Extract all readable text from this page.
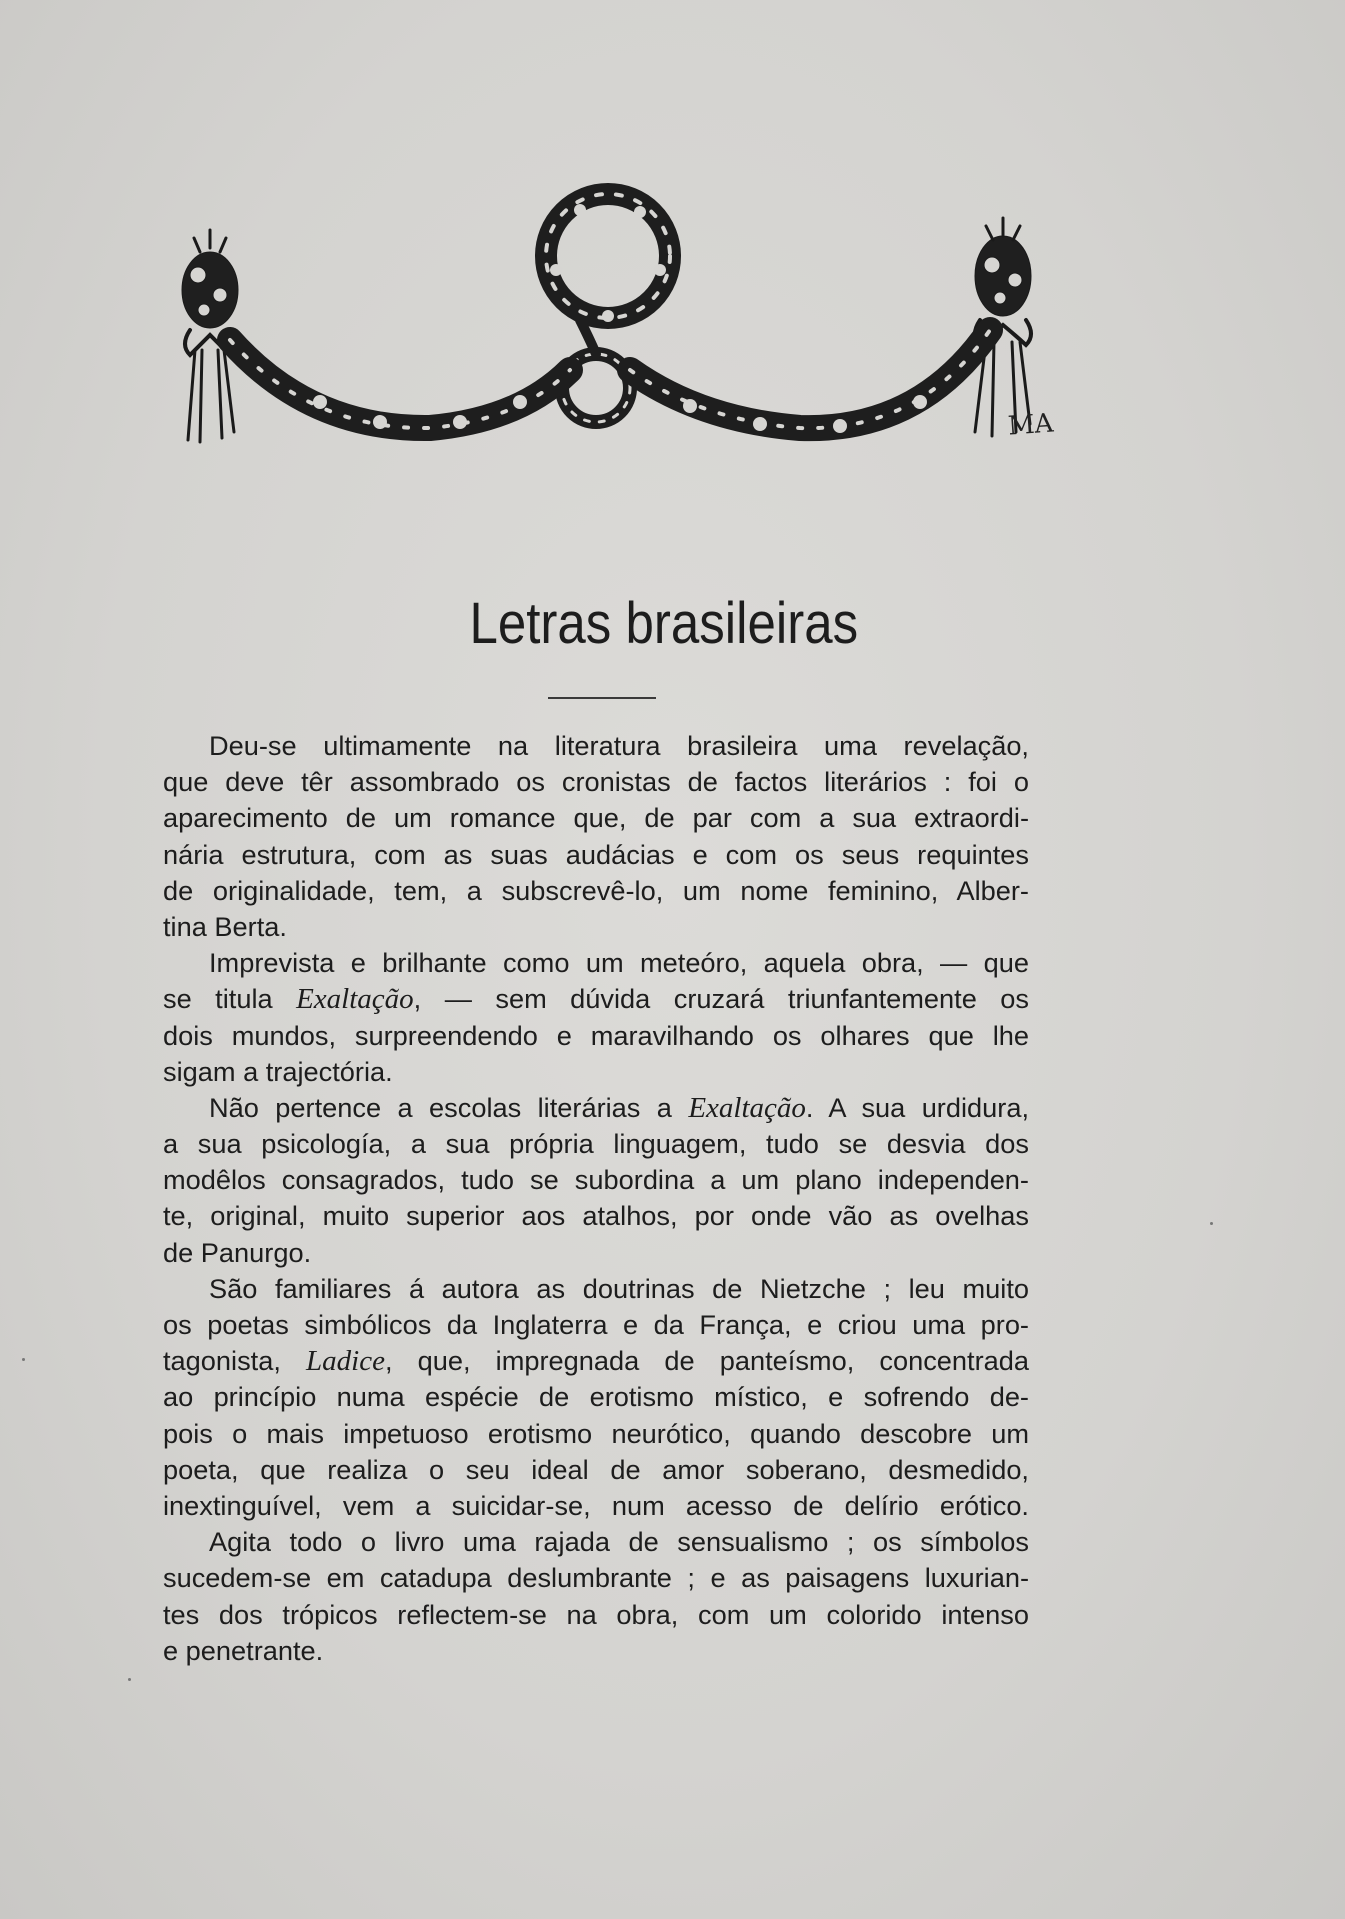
MA
Letras brasileiras
Deu-se ultimamente na literatura brasileira uma revelação,
que deve têr assombrado os cronistas de factos literários : foi o
aparecimento de um romance que, de par com a sua extraordi-
nária estrutura, com as suas audácias e com os seus requintes
de originalidade, tem, a subscrevê-lo, um nome feminino, Alber-
tina Berta.
Imprevista e brilhante como um meteóro, aquela obra, — que
se titula Exaltação, — sem dúvida cruzará triunfantemente os
dois mundos, surpreendendo e maravilhando os olhares que lhe
sigam a trajectória.
Não pertence a escolas literárias a Exaltação. A sua urdidura,
a sua psicología, a sua própria linguagem, tudo se desvia dos
modêlos consagrados, tudo se subordina a um plano independen-
te, original, muito superior aos atalhos, por onde vão as ovelhas
de Panurgo.
São familiares á autora as doutrinas de Nietzche ; leu muito
os poetas simbólicos da Inglaterra e da França, e criou uma pro-
tagonista, Ladice, que, impregnada de panteísmo, concentrada
ao princípio numa espécie de erotismo místico, e sofrendo de-
pois o mais impetuoso erotismo neurótico, quando descobre um
poeta, que realiza o seu ideal de amor soberano, desmedido,
inextinguível, vem a suicidar-se, num acesso de delírio erótico.
Agita todo o livro uma rajada de sensualismo ; os símbolos
sucedem-se em catadupa deslumbrante ; e as paisagens luxurian-
tes dos trópicos reflectem-se na obra, com um colorido intenso
e penetrante.
